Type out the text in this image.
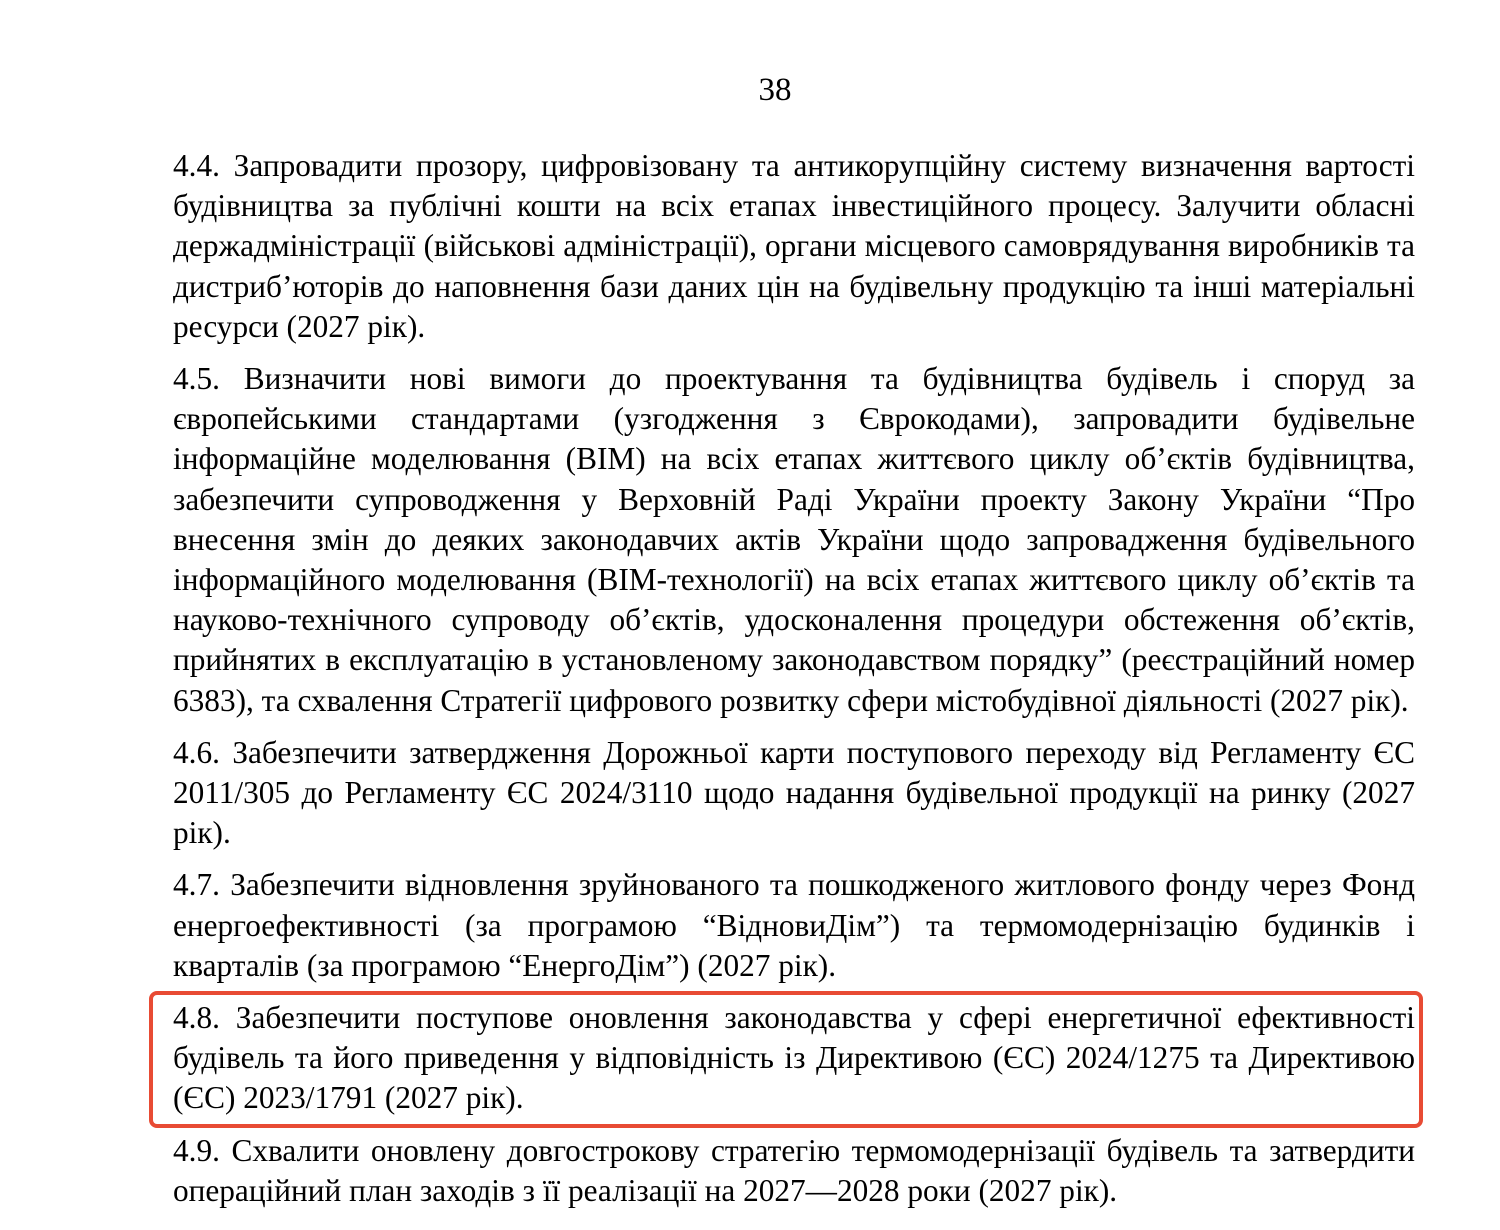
38

4.4. Запровадити прозору, цифровізовану та антикорупційну систему визначення вартості будівництва за публічні кошти на всіх етапах інвестиційного процесу. Залучити обласні держадміністрації (військові адміністрації), органи місцевого самоврядування виробників та дистриб’юторів до наповнення бази даних цін на будівельну продукцію та інші матеріальні ресурси (2027 рік).

4.5. Визначити нові вимоги до проектування та будівництва будівель і споруд за європейськими стандартами (узгодження з Єврокодами), запровадити будівельне інформаційне моделювання (BIM) на всіх етапах життєвого циклу об’єктів будівництва, забезпечити супроводження у Верховній Раді України проекту Закону України “Про внесення змін до деяких законодавчих актів України щодо запровадження будівельного інформаційного моделювання (BIM-технології) на всіх етапах життєвого циклу об’єктів та науково-технічного супроводу об’єктів, удосконалення процедури обстеження об’єктів, прийнятих в експлуатацію в установленому законодавством порядку” (реєстраційний номер 6383), та схвалення Стратегії цифрового розвитку сфери містобудівної діяльності (2027 рік).

4.6. Забезпечити затвердження Дорожньої карти поступового переходу від Регламенту ЄС 2011/305 до Регламенту ЄС 2024/3110 щодо надання будівельної продукції на ринку (2027 рік).

4.7. Забезпечити відновлення зруйнованого та пошкодженого житлового фонду через Фонд енергоефективності (за програмою “ВідновиДім”) та термомодернізацію будинків і кварталів (за програмою “ЕнергоДім”) (2027 рік).

4.8. Забезпечити поступове оновлення законодавства у сфері енергетичної ефективності будівель та його приведення у відповідність із Директивою (ЄС) 2024/1275 та Директивою (ЄС) 2023/1791 (2027 рік).

4.9. Схвалити оновлену довгострокову стратегію термомодернізації будівель та затвердити операційний план заходів з її реалізації на 2027—2028 роки (2027 рік).
